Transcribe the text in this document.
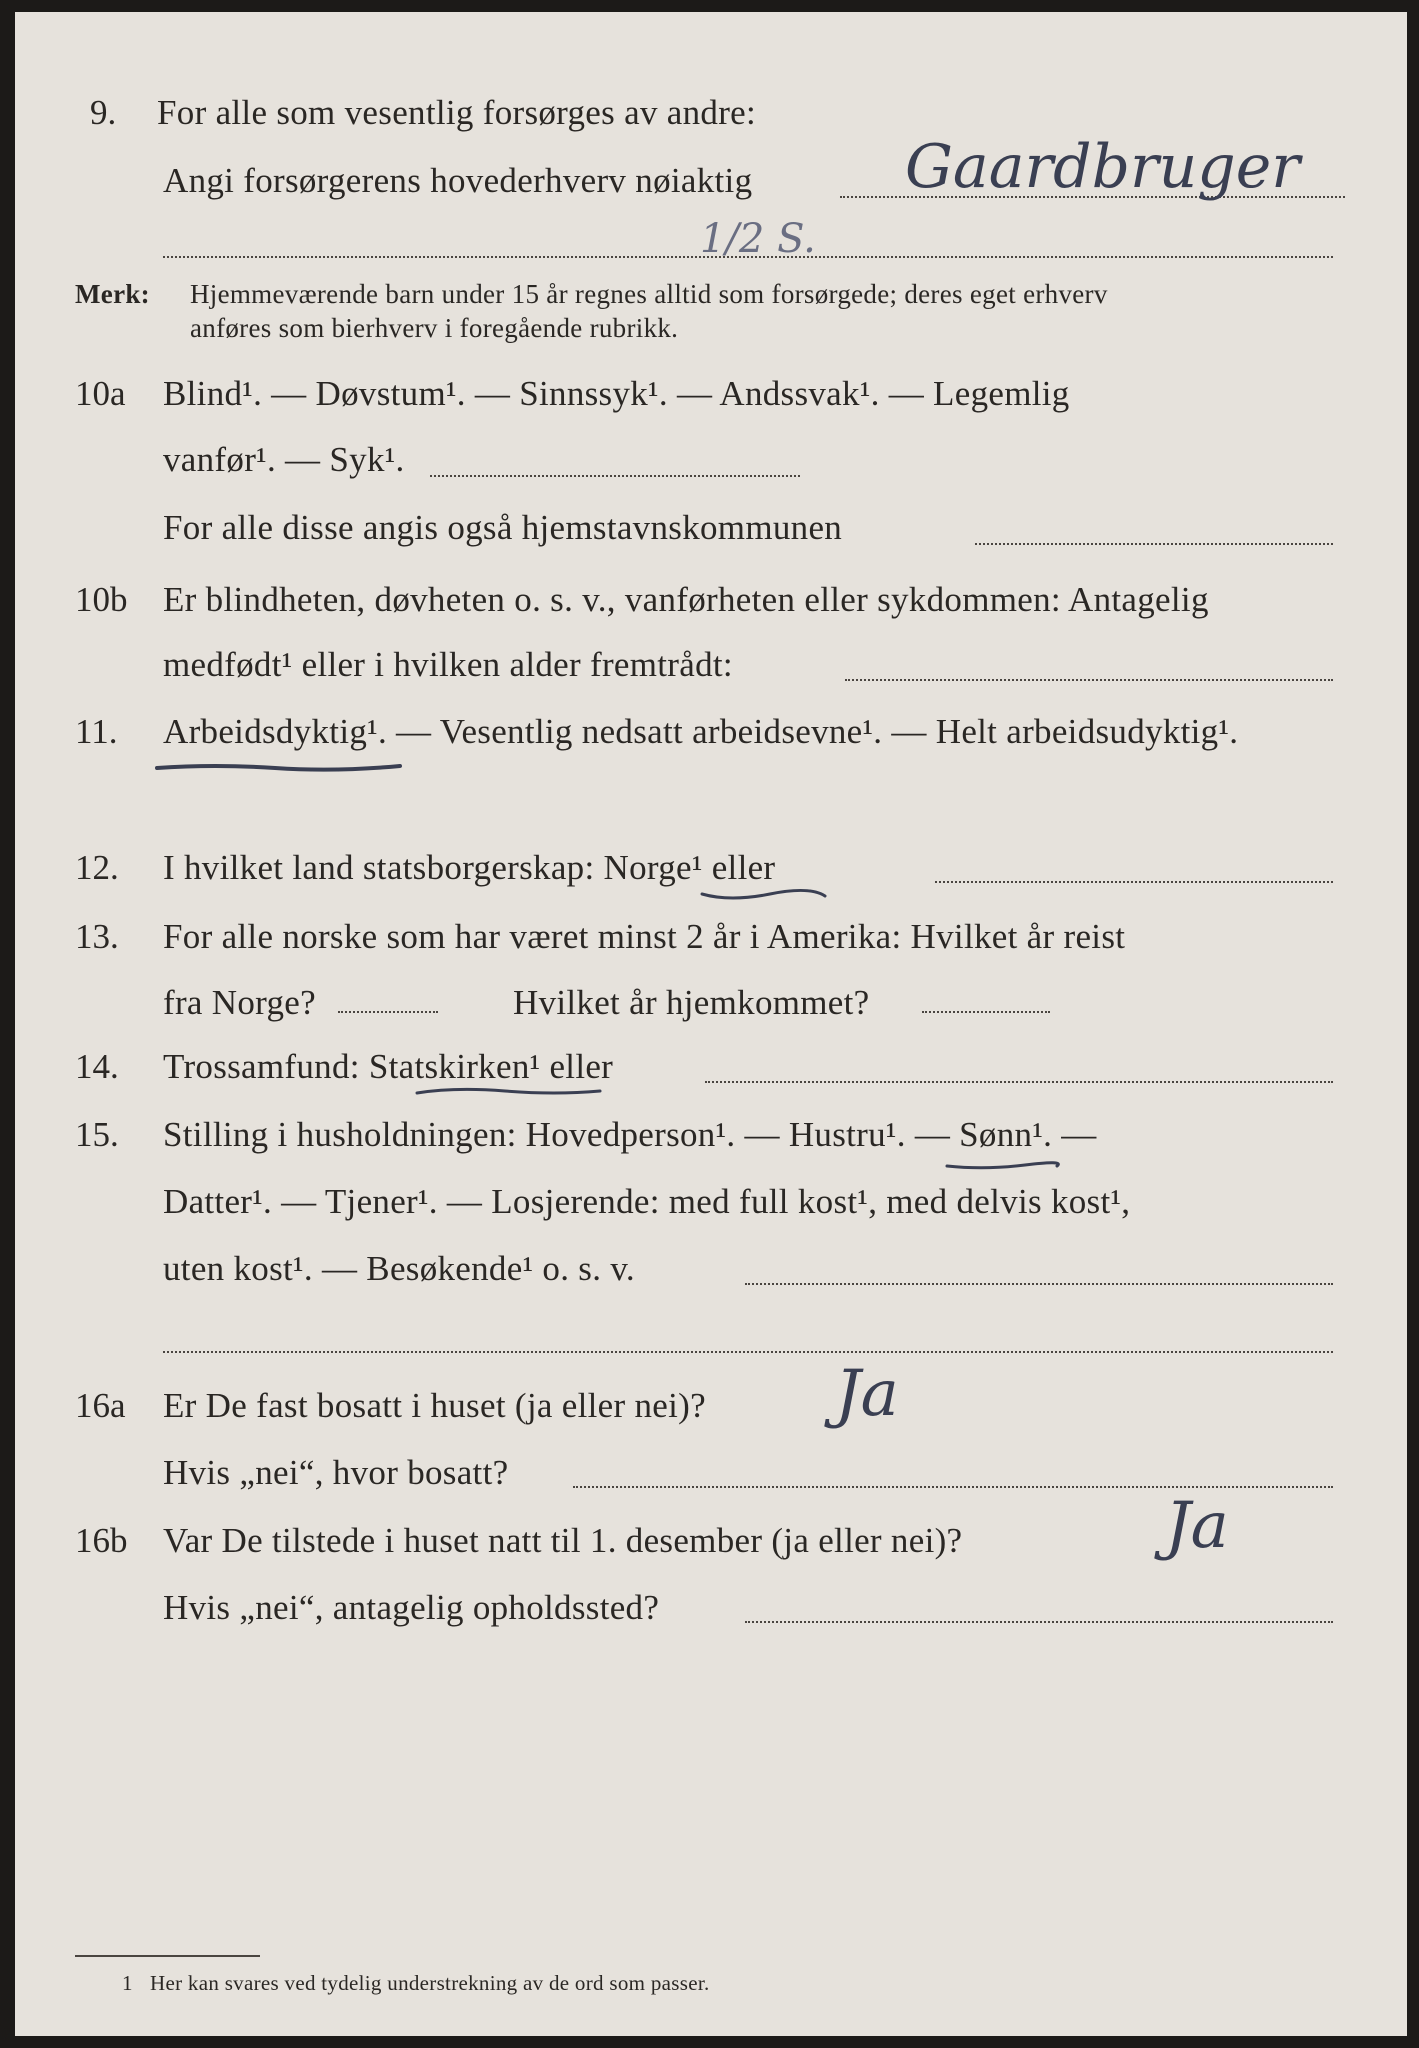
9. For alle som vesentlig forsørges av andre:
Angi forsørgerens hovederhverv nøiaktig	Gaardbruger
1/2 S.
Merk: Hjemmeværende barn under 15 år regnes alltid som forsørgede; deres eget erhverv
anføres som bierhverv i foregående rubrikk.
10a Blind¹. — Døvstum¹. — Sinnssyk¹. — Andssvak¹. — Legemlig
vanfør¹. — Syk¹.
For alle disse angis også hjemstavnskommunen
10b Er blindheten, døvheten o. s. v., vanførheten eller sykdommen: Antagelig
medfødt¹ eller i hvilken alder fremtrådt:
11. Arbeidsdyktig¹. — Vesentlig nedsatt arbeidsevne¹. — Helt arbeidsudyktig¹.
12. I hvilket land statsborgerskap: Norge¹ eller
13. For alle norske som har været minst 2 år i Amerika: Hvilket år reist
fra Norge?	Hvilket år hjemkommet?
14. Trossamfund: Statskirken¹ eller
15. Stilling i husholdningen: Hovedperson¹. — Hustru¹. — Sønn¹. —
Datter¹. — Tjener¹. — Losjerende: med full kost¹, med delvis kost¹,
uten kost¹. — Besøkende¹ o. s. v.
16a Er De fast bosatt i huset (ja eller nei)? Ja
Hvis „nei“, hvor bosatt?
16b Var De tilstede i huset natt til 1. desember (ja eller nei)?	Ja
Hvis „nei“, antagelig opholdssted?
1 Her kan svares ved tydelig understrekning av de ord som passer.
